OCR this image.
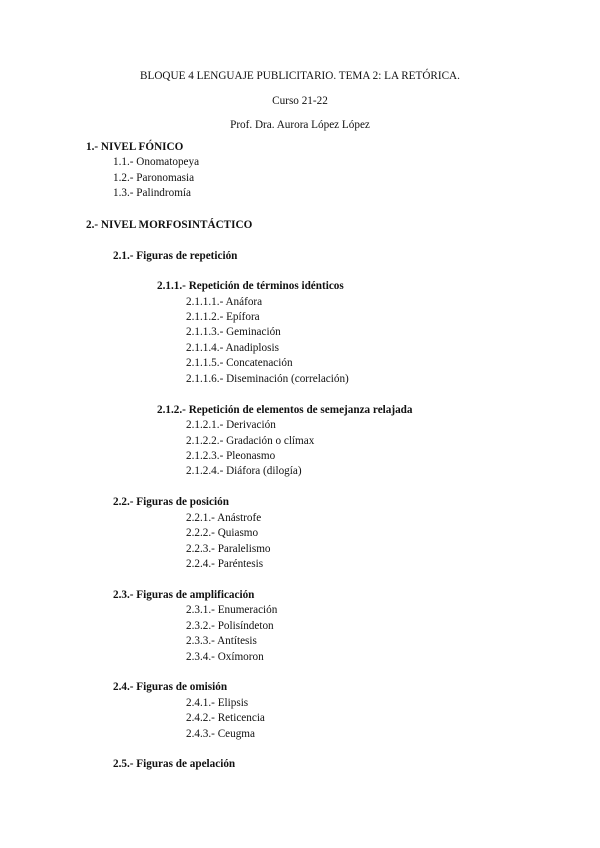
BLOQUE 4 LENGUAJE PUBLICITARIO. TEMA 2: LA RETÓRICA.
Curso 21-22
Prof. Dra. Aurora López López
1.- NIVEL FÓNICO
1.1.- Onomatopeya
1.2.- Paronomasia
1.3.- Palindromía
2.- NIVEL MORFOSINTÁCTICO
2.1.- Figuras de repetición
2.1.1.- Repetición de términos idénticos
2.1.1.1.- Anáfora
2.1.1.2.- Epífora
2.1.1.3.- Geminación
2.1.1.4.- Anadiplosis
2.1.1.5.- Concatenación
2.1.1.6.- Diseminación (correlación)
2.1.2.- Repetición de elementos de semejanza relajada
2.1.2.1.- Derivación
2.1.2.2.- Gradación o clímax
2.1.2.3.- Pleonasmo
2.1.2.4.- Diáfora (dilogía)
2.2.- Figuras de posición
2.2.1.- Anástrofe
2.2.2.- Quiasmo
2.2.3.- Paralelismo
2.2.4.- Paréntesis
2.3.- Figuras de amplificación
2.3.1.- Enumeración
2.3.2.- Polisíndeton
2.3.3.- Antítesis
2.3.4.- Oxímoron
2.4.- Figuras de omisión
2.4.1.- Elipsis
2.4.2.- Reticencia
2.4.3.- Ceugma
2.5.- Figuras de apelación
